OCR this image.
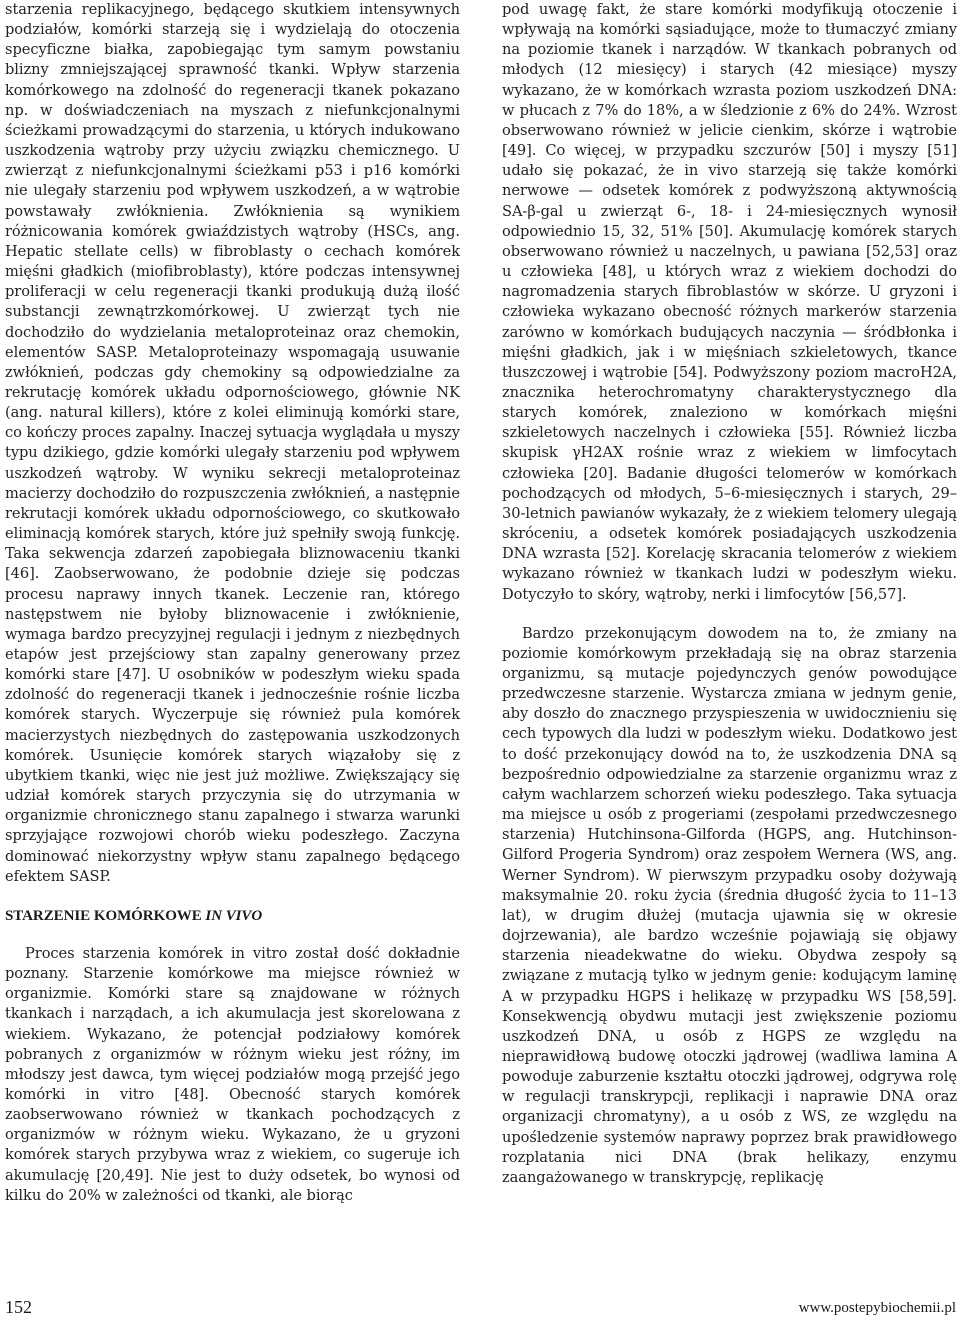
starzenia replikacyjnego, będącego skutkiem intensywnych podziałów, komórki starzeją się i wydzielają do otoczenia specyficzne białka, zapobiegając tym samym powstaniu blizny zmniejszającej sprawność tkanki. Wpływ starzenia komórkowego na zdolność do regeneracji tkanek pokazano np. w doświadczeniach na myszach z niefunkcjonalnymi ścieżkami prowadzącymi do starzenia, u których indukowano uszkodzenia wątroby przy użyciu związku chemicznego. U zwierząt z niefunkcjonalnymi ścieżkami p53 i p16 komórki nie ulegały starzeniu pod wpływem uszkodzeń, a w wątrobie powstawały zwłóknienia. Zwłóknienia są wynikiem różnicowania komórek gwiaździstych wątroby (HSCs, ang. Hepatic stellate cells) w fibroblasty o cechach komórek mięśni gładkich (miofibroblasty), które podczas intensywnej proliferacji w celu regeneracji tkanki produkują dużą ilość substancji zewnątrzkomórkowej. U zwierząt tych nie dochodziło do wydzielania metaloproteinaz oraz chemokin, elementów SASP. Metaloproteinazy wspomagają usuwanie zwłóknień, podczas gdy chemokiny są odpowiedzialne za rekrutację komórek układu odpornościowego, głównie NK (ang. natural killers), które z kolei eliminują komórki stare, co kończy proces zapalny. Inaczej sytuacja wyglądała u myszy typu dzikiego, gdzie komórki ulegały starzeniu pod wpływem uszkodzeń wątroby. W wyniku sekrecji metaloproteinaz macierzy dochodziło do rozpuszczenia zwłóknień, a następnie rekrutacji komórek układu odpornościowego, co skutkowało eliminacją komórek starych, które już spełniły swoją funkcję. Taka sekwencja zdarzeń zapobiegała bliznowaceniu tkanki [46]. Zaobserwowano, że podobnie dzieje się podczas procesu naprawy innych tkanek. Leczenie ran, którego następstwem nie byłoby bliznowacenie i zwłóknienie, wymaga bardzo precyzyjnej regulacji i jednym z niezbędnych etapów jest przejściowy stan zapalny generowany przez komórki stare [47]. U osobników w podeszłym wieku spada zdolność do regeneracji tkanek i jednocześnie rośnie liczba komórek starych. Wyczerpuje się również pula komórek macierzystych niezbędnych do zastępowania uszkodzonych komórek. Usunięcie komórek starych wiązałoby się z ubytkiem tkanki, więc nie jest już możliwe. Zwiększający się udział komórek starych przyczynia się do utrzymania w organizmie chronicznego stanu zapalnego i stwarza warunki sprzyjające rozwojowi chorób wieku podeszłego. Zaczyna dominować niekorzystny wpływ stanu zapalnego będącego efektem SASP.

STARZENIE KOMÓRKOWE IN VIVO

Proces starzenia komórek in vitro został dość dokładnie poznany. Starzenie komórkowe ma miejsce również w organizmie. Komórki stare są znajdowane w różnych tkankach i narządach, a ich akumulacja jest skorelowana z wiekiem. Wykazano, że potencjał podziałowy komórek pobranych z organizmów w różnym wieku jest różny, im młodszy jest dawca, tym więcej podziałów mogą przejść jego komórki in vitro [48]. Obecność starych komórek zaobserwowano również w tkankach pochodzących z organizmów w różnym wieku. Wykazano, że u gryzoni komórek starych przybywa wraz z wiekiem, co sugeruje ich akumulację [20,49]. Nie jest to duży odsetek, bo wynosi od kilku do 20% w zależności od tkanki, ale biorąc

pod uwagę fakt, że stare komórki modyfikują otoczenie i wpływają na komórki sąsiadujące, może to tłumaczyć zmiany na poziomie tkanek i narządów. W tkankach pobranych od młodych (12 miesięcy) i starych (42 miesiące) myszy wykazano, że w komórkach wzrasta poziom uszkodzeń DNA: w płucach z 7% do 18%, a w śledzionie z 6% do 24%. Wzrost obserwowano również w jelicie cienkim, skórze i wątrobie [49]. Co więcej, w przypadku szczurów [50] i myszy [51] udało się pokazać, że in vivo starzeją się także komórki nerwowe — odsetek komórek z podwyższoną aktywnością SA-β-gal u zwierząt 6-, 18- i 24-miesięcznych wynosił odpowiednio 15, 32, 51% [50]. Akumulację komórek starych obserwowano również u naczelnych, u pawiana [52,53] oraz u człowieka [48], u których wraz z wiekiem dochodzi do nagromadzenia starych fibroblastów w skórze. U gryzoni i człowieka wykazano obecność różnych markerów starzenia zarówno w komórkach budujących naczynia — śródbłonka i mięśni gładkich, jak i w mięśniach szkieletowych, tkance tłuszczowej i wątrobie [54]. Podwyższony poziom macroH2A, znacznika heterochromatyny charakterystycznego dla starych komórek, znaleziono w komórkach mięśni szkieletowych naczelnych i człowieka [55]. Również liczba skupisk γH2AX rośnie wraz z wiekiem w limfocytach człowieka [20]. Badanie długości telomerów w komórkach pochodzących od młodych, 5–6-miesięcznych i starych, 29–30-letnich pawianów wykazały, że z wiekiem telomery ulegają skróceniu, a odsetek komórek posiadających uszkodzenia DNA wzrasta [52]. Korelację skracania telomerów z wiekiem wykazano również w tkankach ludzi w podeszłym wieku. Dotyczyło to skóry, wątroby, nerki i limfocytów [56,57].

Bardzo przekonującym dowodem na to, że zmiany na poziomie komórkowym przekładają się na obraz starzenia organizmu, są mutacje pojedynczych genów powodujące przedwczesne starzenie. Wystarcza zmiana w jednym genie, aby doszło do znacznego przyspieszenia w uwidocznieniu się cech typowych dla ludzi w podeszłym wieku. Dodatkowo jest to dość przekonujący dowód na to, że uszkodzenia DNA są bezpośrednio odpowiedzialne za starzenie organizmu wraz z całym wachlarzem schorzeń wieku podeszłego. Taka sytuacja ma miejsce u osób z progeriami (zespołami przedwczesnego starzenia) Hutchinsona-Gilforda (HGPS, ang. Hutchinson-Gilford Progeria Syndrom) oraz zespołem Wernera (WS, ang. Werner Syndrom). W pierwszym przypadku osoby dożywają maksymalnie 20. roku życia (średnia długość życia to 11–13 lat), w drugim dłużej (mutacja ujawnia się w okresie dojrzewania), ale bardzo wcześnie pojawiają się objawy starzenia nieadekwatne do wieku. Obydwa zespoły są związane z mutacją tylko w jednym genie: kodującym laminę A w przypadku HGPS i helikazę w przypadku WS [58,59]. Konsekwencją obydwu mutacji jest zwiększenie poziomu uszkodzeń DNA, u osób z HGPS ze względu na nieprawidłową budowę otoczki jądrowej (wadliwa lamina A powoduje zaburzenie kształtu otoczki jądrowej, odgrywa rolę w regulacji transkrypcji, replikacji i naprawie DNA oraz organizacji chromatyny), a u osób z WS, ze względu na upośledzenie systemów naprawy poprzez brak prawidłowego rozplatania nici DNA (brak helikazy, enzymu zaangażowanego w transkrypcję, replikację

152	www.postepybiochemii.pl
